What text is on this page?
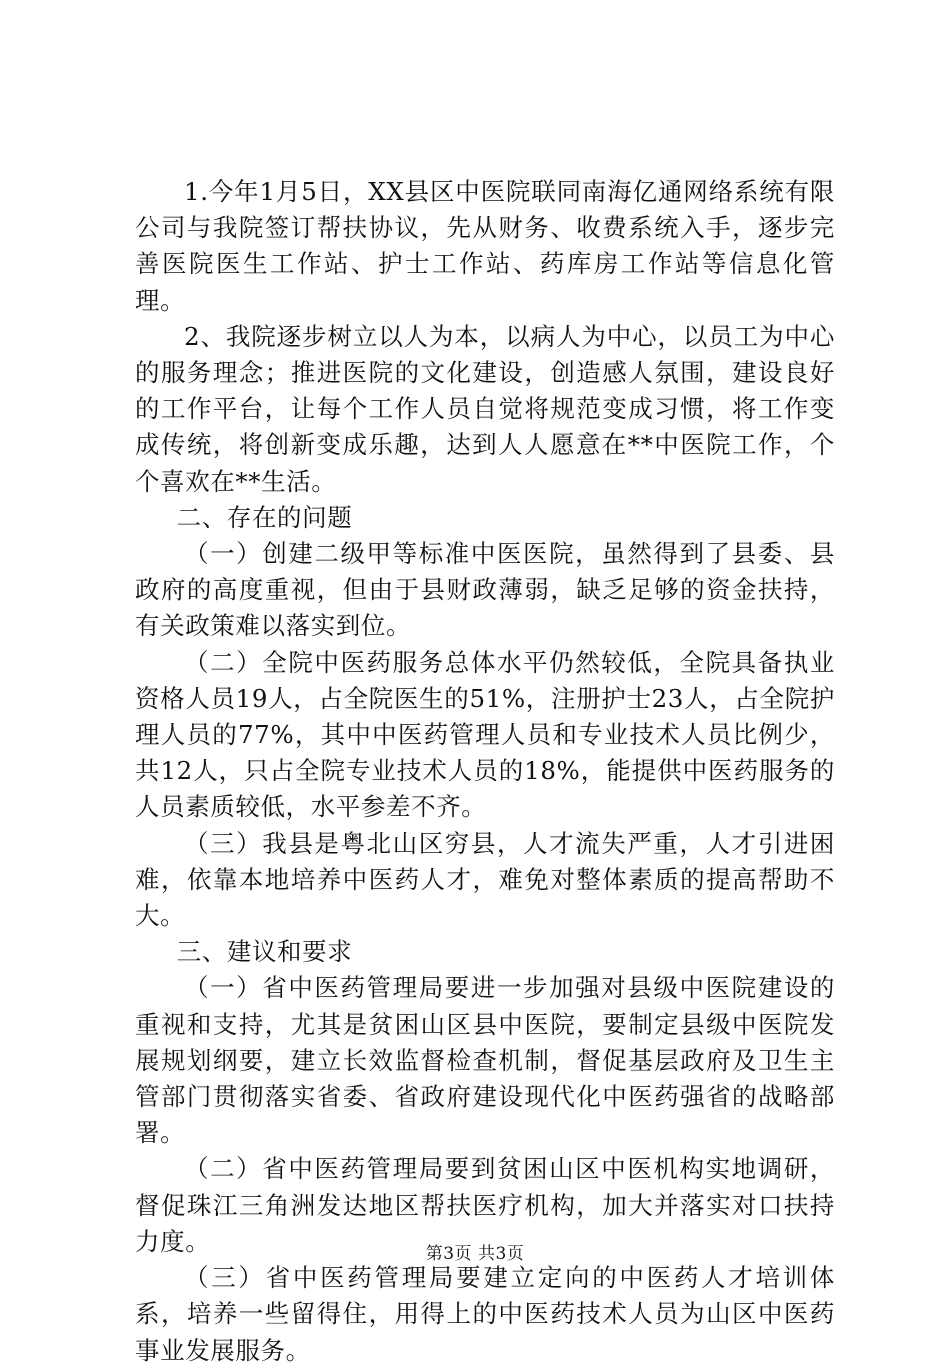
1.今年1月5日，XX县区中医院联同南海亿通网络系统有限公司与我院签订帮扶协议，先从财务、收费系统入手，逐步完善医院医生工作站、护士工作站、药库房工作站等信息化管理。

2、我院逐步树立以人为本，以病人为中心，以员工为中心的服务理念；推进医院的文化建设，创造感人氛围，建设良好的工作平台，让每个工作人员自觉将规范变成习惯，将工作变成传统，将创新变成乐趣，达到人人愿意在**中医院工作，个个喜欢在**生活。

二、存在的问题

（一）创建二级甲等标准中医医院，虽然得到了县委、县政府的高度重视，但由于县财政薄弱，缺乏足够的资金扶持，有关政策难以落实到位。

（二）全院中医药服务总体水平仍然较低，全院具备执业资格人员19人，占全院医生的51%，注册护士23人，占全院护理人员的77%，其中中医药管理人员和专业技术人员比例少，共12人，只占全院专业技术人员的18%，能提供中医药服务的人员素质较低，水平参差不齐。

（三）我县是粤北山区穷县，人才流失严重，人才引进困难，依靠本地培养中医药人才，难免对整体素质的提高帮助不大。

三、建议和要求

（一）省中医药管理局要进一步加强对县级中医院建设的重视和支持，尤其是贫困山区县中医院，要制定县级中医院发展规划纲要，建立长效监督检查机制，督促基层政府及卫生主管部门贯彻落实省委、省政府建设现代化中医药强省的战略部署。

（二）省中医药管理局要到贫困山区中医机构实地调研，督促珠江三角洲发达地区帮扶医疗机构，加大并落实对口扶持力度。

（三）省中医药管理局要建立定向的中医药人才培训体系，培养一些留得住，用得上的中医药技术人员为山区中医药事业发展服务。

第3页 共3页
